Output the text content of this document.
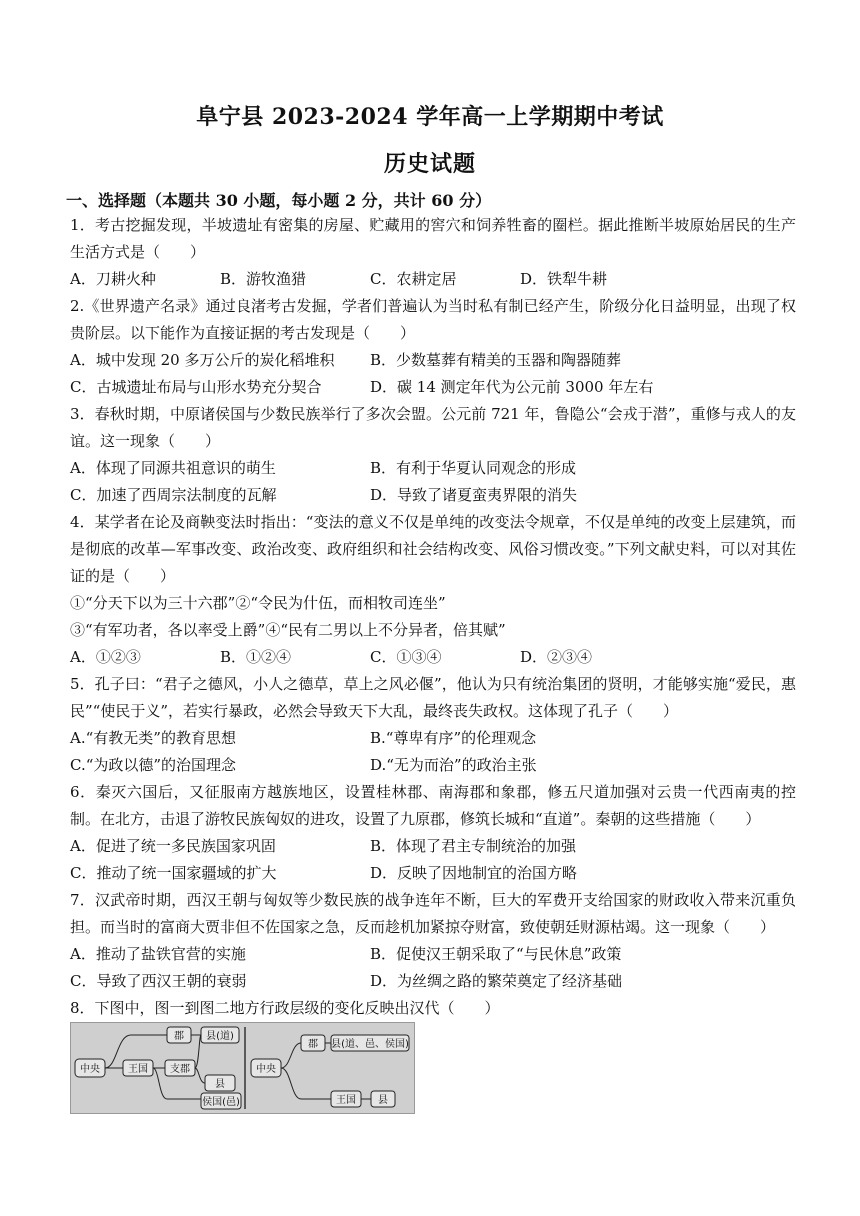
阜宁县 2023-2024 学年高一上学期期中考试
历史试题
一、选择题（本题共 30 小题，每小题 2 分，共计 60 分）

1．考古挖掘发现，半坡遗址有密集的房屋、贮藏用的窖穴和饲养牲畜的圈栏。据此推断半坡原始居民的生产生活方式是（　　）

A．刀耕火种	B．游牧渔猎	C．农耕定居	D．铁犁牛耕

2.《世界遗产名录》通过良渚考古发掘，学者们普遍认为当时私有制已经产生，阶级分化日益明显，出现了权贵阶层。以下能作为直接证据的考古发现是（　　）

A．城中发现 20 多万公斤的炭化稻堆积	B．少数墓葬有精美的玉器和陶器随葬
C．古城遗址布局与山形水势充分契合	D．碳 14 测定年代为公元前 3000 年左右

3．春秋时期，中原诸侯国与少数民族举行了多次会盟。公元前 721 年，鲁隐公“会戎于潜”，重修与戎人的友谊。这一现象（　　）

A．体现了同源共祖意识的萌生	B．有利于华夏认同观念的形成
C．加速了西周宗法制度的瓦解	D．导致了诸夏蛮夷界限的消失

4．某学者在论及商鞅变法时指出：“变法的意义不仅是单纯的改变法令规章，不仅是单纯的改变上层建筑，而是彻底的改革—军事改变、政治改变、政府组织和社会结构改变、风俗习惯改变。”下列文献史料，可以对其佐证的是（　　）

①“分天下以为三十六郡”②“令民为什伍，而相牧司连坐”
③“有军功者，各以率受上爵”④“民有二男以上不分异者，倍其赋”
A．①②③	B．①②④	C．①③④	D．②③④

5．孔子曰：“君子之德风，小人之德草，草上之风必偃”，他认为只有统治集团的贤明，才能够实施“爱民，惠民”“使民于义”，若实行暴政，必然会导致天下大乱，最终丧失政权。这体现了孔子（　　）

A.“有教无类”的教育思想	B.“尊卑有序”的伦理观念
C.“为政以德”的治国理念	D.“无为而治”的政治主张

6．秦灭六国后，又征服南方越族地区，设置桂林郡、南海郡和象郡，修五尺道加强对云贵一代西南夷的控制。在北方，击退了游牧民族匈奴的进攻，设置了九原郡，修筑长城和“直道”。秦朝的这些措施（　　）

A．促进了统一多民族国家巩固	B．体现了君主专制统治的加强
C．推动了统一国家疆域的扩大	D．反映了因地制宜的治国方略

7．汉武帝时期，西汉王朝与匈奴等少数民族的战争连年不断，巨大的军费开支给国家的财政收入带来沉重负担。而当时的富商大贾非但不佐国家之急，反而趁机加紧掠夺财富，致使朝廷财源枯竭。这一现象（　　）

A．推动了盐铁官营的实施	B．促使汉王朝采取了“与民休息”政策
C．导致了西汉王朝的衰弱	D．为丝绸之路的繁荣奠定了经济基础

8．下图中，图一到图二地方行政层级的变化反映出汉代（　　）

中央
郡 县(道)
王国 支郡
县
侯国(邑)
中央
郡 县(道、邑、侯国)
王国 县
